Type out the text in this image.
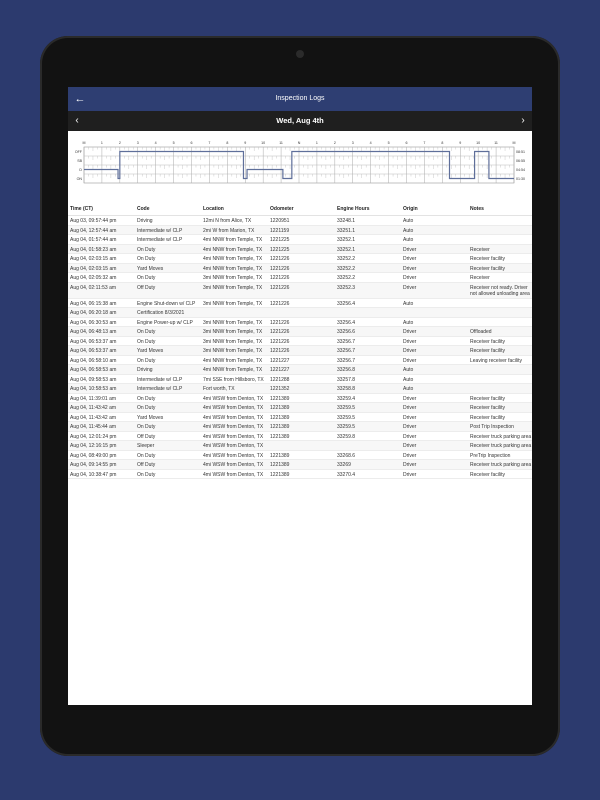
←	Inspection Logs
‹	Wed, Aug 4th	›
M	1	2	3	4	5	6	7	8	9	10	11	N	1	2	3	4	5	6	7	8	9	10	11	M
OFF
SB
D
ON
08:51
06:55
04:54
01:30
Time (CT)	Code	Location	Odometer	Engine Hours	Origin	Notes
Aug 03, 09:57:44 pm	Driving	12mi N from Alice, TX	1220951	33248.1	Auto	
Aug 04, 12:57:44 am	Intermediate w/ CLP	2mi W from Marion, TX	1221159	33251.1	Auto	
Aug 04, 01:57:44 am	Intermediate w/ CLP	4mi NNW from Temple, TX	1221225	33252.1	Auto	
Aug 04, 01:58:23 am	On Duty	4mi NNW from Temple, TX	1221225	33252.1	Driver	Receiver
Aug 04, 02:03:15 am	On Duty	4mi NNW from Temple, TX	1221226	33252.2	Driver	Receiver facility
Aug 04, 02:03:15 am	Yard Moves	4mi NNW from Temple, TX	1221226	33252.2	Driver	Receiver facility
Aug 04, 02:05:32 am	On Duty	3mi NNW from Temple, TX	1221226	33252.2	Driver	Receiver
Aug 04, 02:11:53 am	Off Duty	3mi NNW from Temple, TX	1221226	33252.3	Driver	Receiver not ready. Driver not allowed unloading area
Aug 04, 06:15:38 am	Engine Shut-down w/ CLP	3mi NNW from Temple, TX	1221226	33256.4	Auto	
Aug 04, 06:20:18 am	Certification 8/3/2021					
Aug 04, 06:30:53 am	Engine Power-up w/ CLP	3mi NNW from Temple, TX	1221226	33256.4	Auto	
Aug 04, 06:48:13 am	On Duty	3mi NNW from Temple, TX	1221226	33256.6	Driver	Offloaded
Aug 04, 06:53:37 am	On Duty	3mi NNW from Temple, TX	1221226	33256.7	Driver	Receiver facility
Aug 04, 06:53:37 am	Yard Moves	3mi NNW from Temple, TX	1221226	33256.7	Driver	Receiver facility
Aug 04, 06:58:10 am	On Duty	4mi NNW from Temple, TX	1221227	33256.7	Driver	Leaving receiver facility
Aug 04, 06:58:53 am	Driving	4mi NNW from Temple, TX	1221227	33256.8	Auto	
Aug 04, 09:58:53 am	Intermediate w/ CLP	7mi SSE from Hillsboro, TX	1221288	33257.8	Auto	
Aug 04, 10:58:53 am	Intermediate w/ CLP	Fort worth, TX	1221352	33258.8	Auto	
Aug 04, 11:39:01 am	On Duty	4mi WSW from Denton, TX	1221389	33259.4	Driver	Receiver facility
Aug 04, 11:43:42 am	On Duty	4mi WSW from Denton, TX	1221389	33259.5	Driver	Receiver facility
Aug 04, 11:43:42 am	Yard Moves	4mi WSW from Denton, TX	1221389	33259.5	Driver	Receiver facility
Aug 04, 11:45:44 am	On Duty	4mi WSW from Denton, TX	1221389	33259.5	Driver	Post Trip Inspection
Aug 04, 12:01:24 pm	Off Duty	4mi WSW from Denton, TX	1221389	33259.8	Driver	Receiver truck parking area
Aug 04, 12:16:15 pm	Sleeper	4mi WSW from Denton, TX			Driver	Receiver truck parking area
Aug 04, 08:49:00 pm	On Duty	4mi WSW from Denton, TX	1221389	33268.6	Driver	PreTrip Inspection
Aug 04, 09:14:55 pm	Off Duty	4mi WSW from Denton, TX	1221389	33269	Driver	Receiver truck parking area
Aug 04, 10:38:47 pm	On Duty	4mi WSW from Denton, TX	1221389	33270.4	Driver	Receiver facility
